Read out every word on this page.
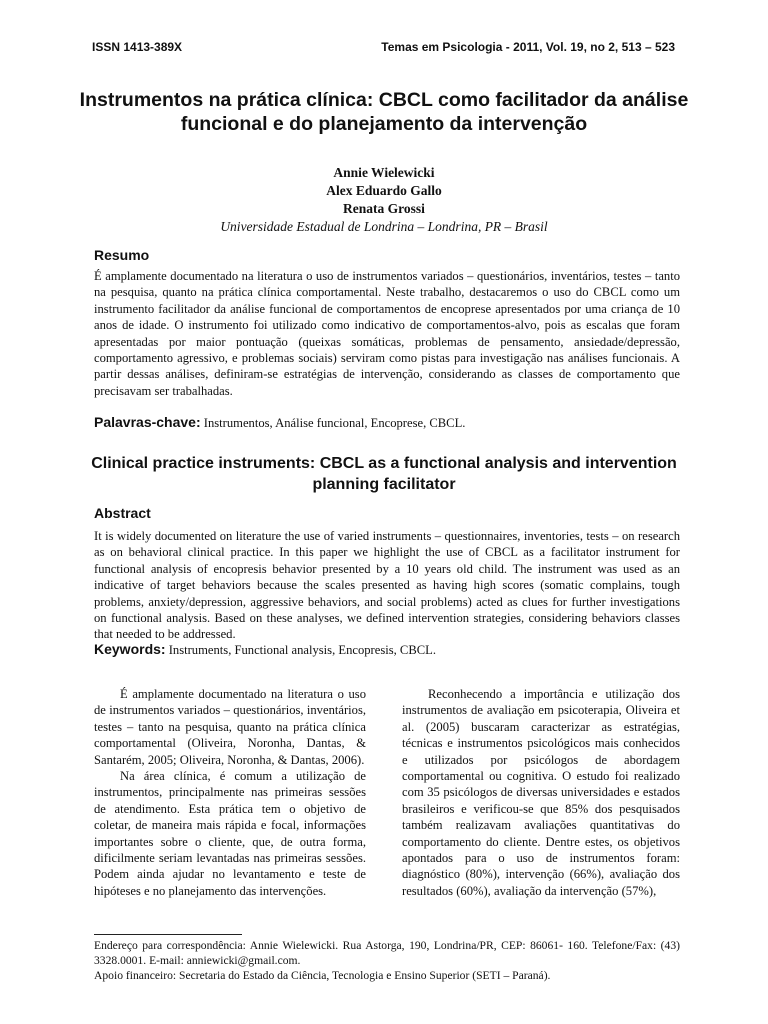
ISSN 1413-389X	Temas em Psicologia - 2011, Vol. 19, no 2, 513 – 523
Instrumentos na prática clínica: CBCL como facilitador da análise funcional e do planejamento da intervenção
Annie Wielewicki
Alex Eduardo Gallo
Renata Grossi
Universidade Estadual de Londrina – Londrina, PR – Brasil
Resumo

É amplamente documentado na literatura o uso de instrumentos variados – questionários, inventários, testes – tanto na pesquisa, quanto na prática clínica comportamental. Neste trabalho, destacaremos o uso do CBCL como um instrumento facilitador da análise funcional de comportamentos de encoprese apresentados por uma criança de 10 anos de idade. O instrumento foi utilizado como indicativo de comportamentos-alvo, pois as escalas que foram apresentadas por maior pontuação (queixas somáticas, problemas de pensamento, ansiedade/depressão, comportamento agressivo, e problemas sociais) serviram como pistas para investigação nas análises funcionais. A partir dessas análises, definiram-se estratégias de intervenção, considerando as classes de comportamento que precisavam ser trabalhadas.

Palavras-chave: Instrumentos, Análise funcional, Encoprese, CBCL.
Clinical practice instruments: CBCL as a functional analysis and intervention planning facilitator
Abstract

It is widely documented on literature the use of varied instruments – questionnaires, inventories, tests – on research as on behavioral clinical practice. In this paper we highlight the use of CBCL as a facilitator instrument for functional analysis of encopresis behavior presented by a 10 years old child. The instrument was used as an indicative of target behaviors because the scales presented as having high scores (somatic complains, tough problems, anxiety/depression, aggressive behaviors, and social problems) acted as clues for further investigations on functional analysis. Based on these analyses, we defined intervention strategies, considering behaviors classes that needed to be addressed.

Keywords: Instruments, Functional analysis, Encopresis, CBCL.

É amplamente documentado na literatura o uso de instrumentos variados – questionários, inventários, testes – tanto na pesquisa, quanto na prática clínica comportamental (Oliveira, Noronha, Dantas, & Santarém, 2005; Oliveira, Noronha, & Dantas, 2006).

Na área clínica, é comum a utilização de instrumentos, principalmente nas primeiras sessões de atendimento. Esta prática tem o objetivo de coletar, de maneira mais rápida e focal, informações importantes sobre o cliente, que, de outra forma, dificilmente seriam levantadas nas primeiras sessões. Podem ainda ajudar no levantamento e teste de hipóteses e no planejamento das intervenções.

Reconhecendo a importância e utilização dos instrumentos de avaliação em psicoterapia, Oliveira et al. (2005) buscaram caracterizar as estratégias, técnicas e instrumentos psicológicos mais conhecidos e utilizados por psicólogos de abordagem comportamental ou cognitiva. O estudo foi realizado com 35 psicólogos de diversas universidades e estados brasileiros e verificou-se que 85% dos pesquisados também realizavam avaliações quantitativas do comportamento do cliente. Dentre estes, os objetivos apontados para o uso de instrumentos foram: diagnóstico (80%), intervenção (66%), avaliação dos resultados (60%), avaliação da intervenção (57%),

Endereço para correspondência: Annie Wielewicki. Rua Astorga, 190, Londrina/PR, CEP: 86061- 160. Telefone/Fax: (43) 3328.0001. E-mail: anniewicki@gmail.com.
Apoio financeiro: Secretaria do Estado da Ciência, Tecnologia e Ensino Superior (SETI – Paraná).
